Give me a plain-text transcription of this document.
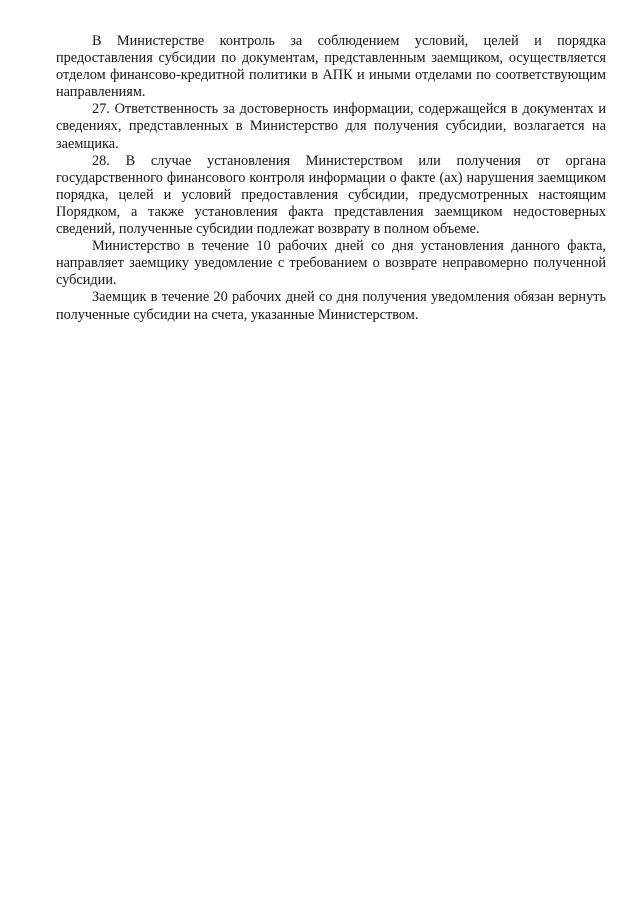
В Министерстве контроль за соблюдением условий, целей и порядка предоставления субсидии по документам, представленным заемщиком, осуществляется отделом финансово-кредитной политики в АПК и иными отделами по соответствующим направлениям.

27. Ответственность за достоверность информации, содержащейся в документах и сведениях, представленных в Министерство для получения субсидии, возлагается на заемщика.

28. В случае установления Министерством или получения от органа государственного финансового контроля информации о факте (ах) нарушения заемщиком порядка, целей и условий предоставления субсидии, предусмотренных настоящим Порядком, а также установления факта представления заемщиком недостоверных сведений, полученные субсидии подлежат возврату в полном объеме.

Министерство в течение 10 рабочих дней со дня установления данного факта, направляет заемщику уведомление с требованием о возврате неправомерно полученной субсидии.

Заемщик в течение 20 рабочих дней со дня получения уведомления обязан вернуть полученные субсидии на счета, указанные Министерством.
